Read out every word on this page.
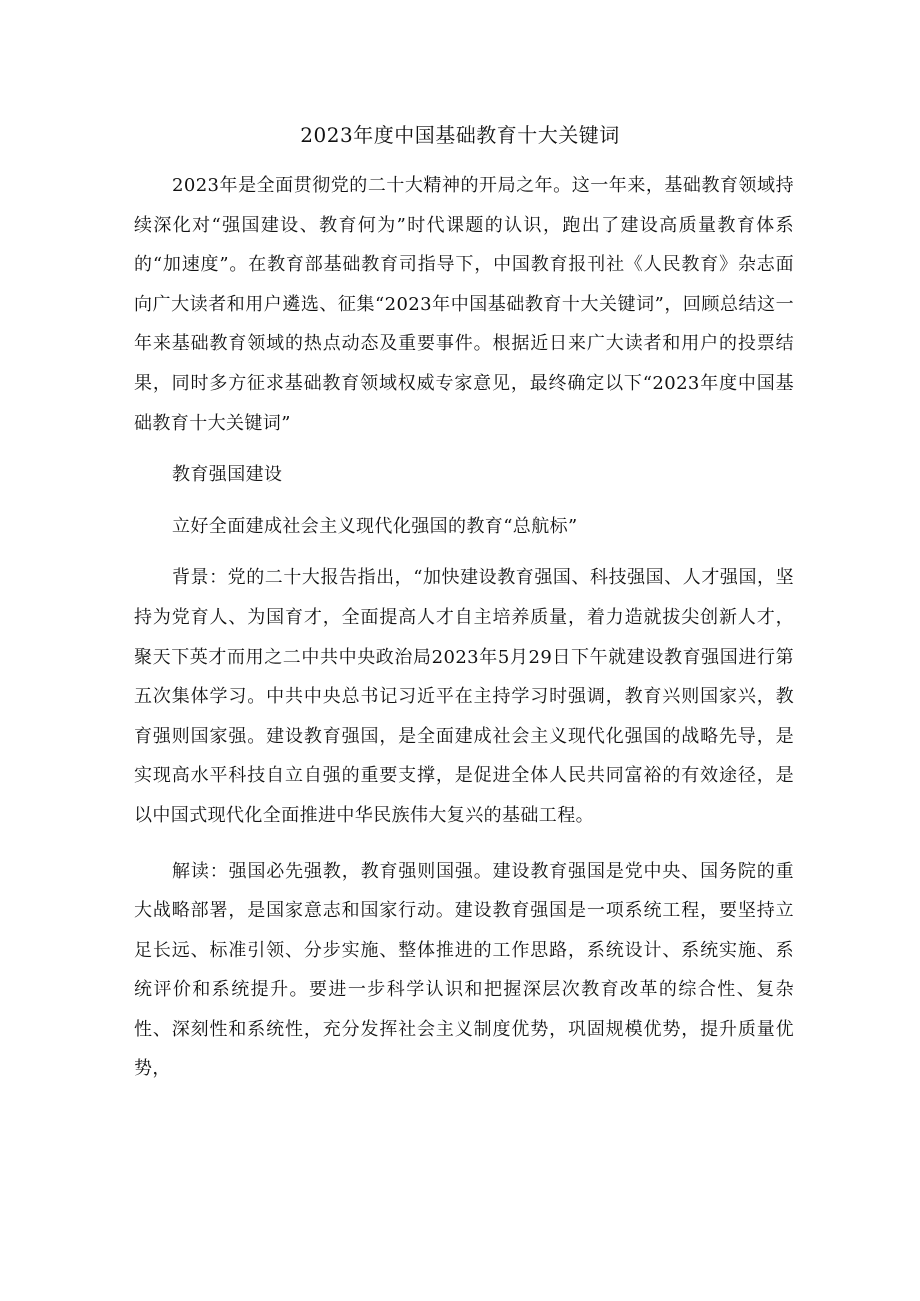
2023年度中国基础教育十大关键词

2023年是全面贯彻党的二十大精神的开局之年。这一年来，基础教育领域持续深化对“强国建设、教育何为”时代课题的认识，跑出了建设高质量教育体系的“加速度”。在教育部基础教育司指导下，中国教育报刊社《人民教育》杂志面向广大读者和用户遴选、征集“2023年中国基础教育十大关键词”，回顾总结这一年来基础教育领域的热点动态及重要事件。根据近日来广大读者和用户的投票结果，同时多方征求基础教育领域权威专家意见，最终确定以下“2023年度中国基础教育十大关键词”

教育强国建设

立好全面建成社会主义现代化强国的教育“总航标”

背景：党的二十大报告指出，“加快建设教育强国、科技强国、人才强国，坚持为党育人、为国育才，全面提高人才自主培养质量，着力造就拔尖创新人才，聚天下英才而用之二中共中央政治局2023年5月29日下午就建设教育强国进行第五次集体学习。中共中央总书记习近平在主持学习时强调，教育兴则国家兴，教育强则国家强。建设教育强国，是全面建成社会主义现代化强国的战略先导，是实现高水平科技自立自强的重要支撑，是促进全体人民共同富裕的有效途径，是以中国式现代化全面推进中华民族伟大复兴的基础工程。

解读：强国必先强教，教育强则国强。建设教育强国是党中央、国务院的重大战略部署，是国家意志和国家行动。建设教育强国是一项系统工程，要坚持立足长远、标准引领、分步实施、整体推进的工作思路，系统设计、系统实施、系统评价和系统提升。要进一步科学认识和把握深层次教育改革的综合性、复杂性、深刻性和系统性，充分发挥社会主义制度优势，巩固规模优势，提升质量优势，
